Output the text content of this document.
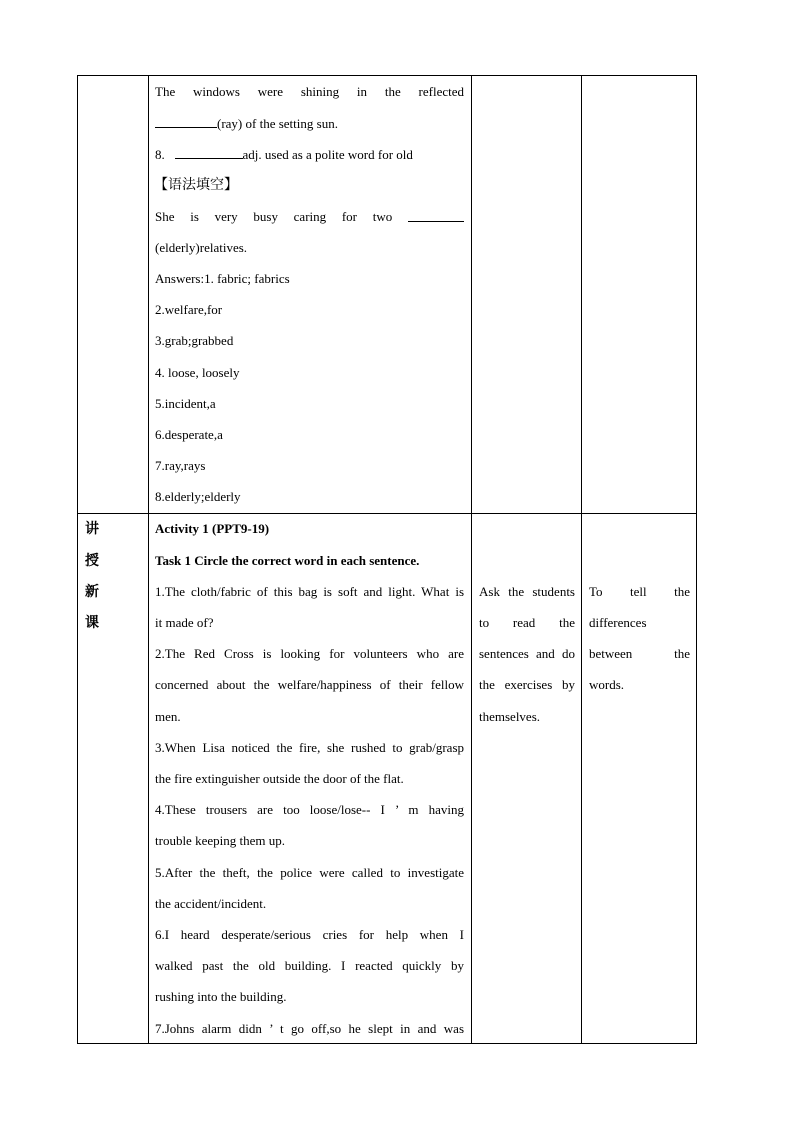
The windows were shining in the reflected
(ray) of the setting sun.
8.	adj. used as a polite word for old
【语法填空】
She is very busy caring for two
(elderly)relatives.
Answers:1. fabric; fabrics
2.welfare,for
3.grab;grabbed
4. loose, loosely
5.incident,a
6.desperate,a
7.ray,rays
8.elderly;elderly
讲
授
新
课
Activity 1 (PPT9-19)
Task 1 Circle the correct word in each sentence.
1.The cloth/fabric of this bag is soft and light. What is
it made of?
2.The Red Cross is looking for volunteers who are
concerned about the welfare/happiness of their fellow
men.
3.When Lisa noticed the fire, she rushed to grab/grasp
the fire extinguisher outside the door of the flat.
4.These trousers are too loose/lose-- I ’ m having
trouble keeping them up.
5.After the theft, the police were called to investigate
the accident/incident.
6.I heard desperate/serious cries for help when I
walked past the old building. I reacted quickly by
rushing into the building.
7.Johns alarm didn ’ t go off,so he slept in and was
Ask the students
to read the
sentences and do
the exercises by
themselves.
To tell the
differences
between	the
words.
